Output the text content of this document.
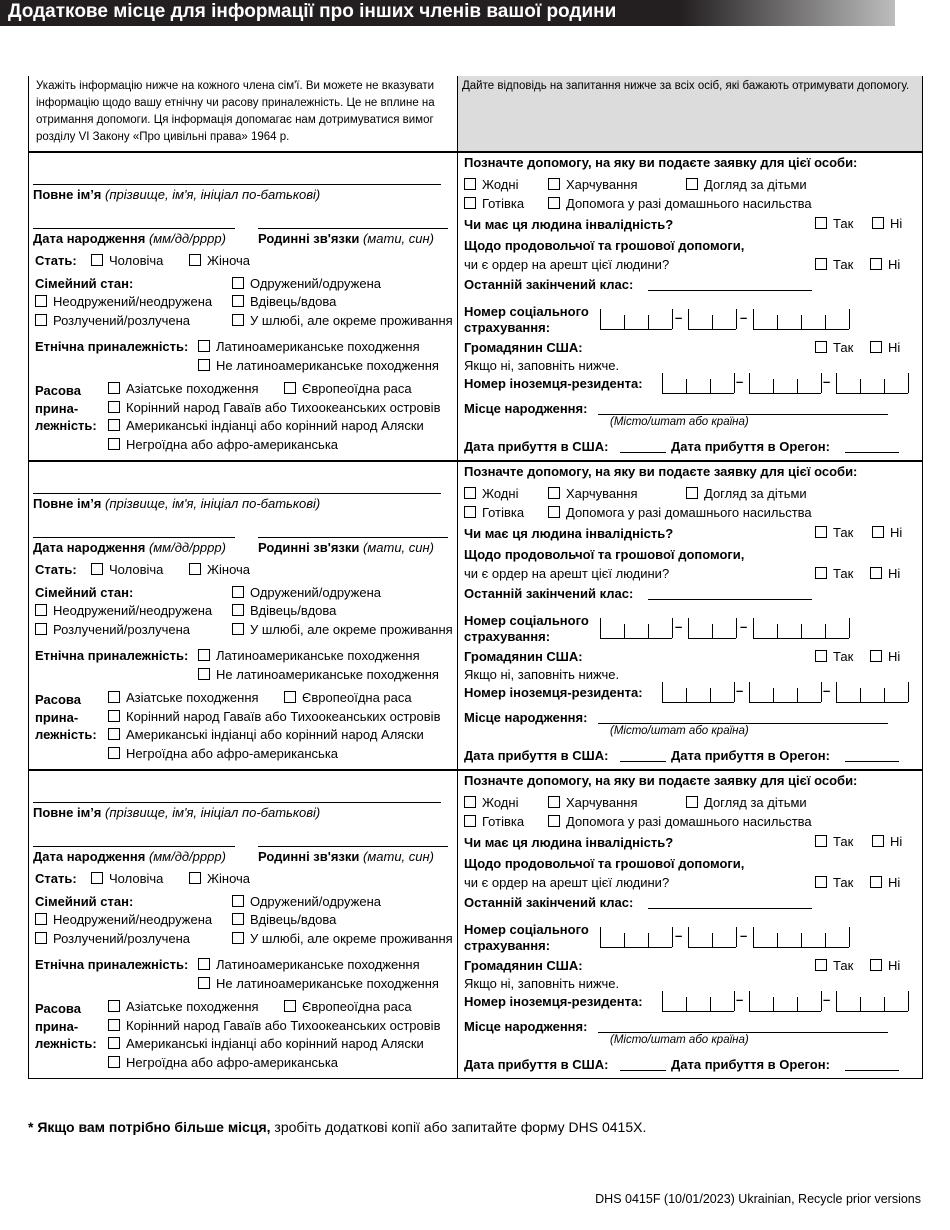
Додаткове місце для інформації про інших членів вашої родини
Укажіть інформацію нижче на кожного члена сім'ї. Ви можете не вказувати
інформацію щодо вашу етнічну чи расову приналежність. Це не вплине на
отримання допомоги. Ця інформація допомагає нам дотримуватися вимог
розділу VI Закону «Про цивільні права» 1964 р.
Дайте відповідь на запитання нижче за всіх осіб, які бажають отримувати допомогу.
Повне ім’я (прізвище, ім'я, ініціал по-батькові)
Дата народження (мм/дд/рррр) Родинні зв'язки (мати, син)
Стать: Чоловіча	Жіноча
Сімейний стан:	Одружений/одружена
Неодружений/неодружена	Вдівець/вдова
Розлучений/розлучена	У шлюбі, але окреме проживання
Етнічна приналежність: Латиноамериканське походження
Не латиноамериканське походження
Расова
прина-
лежність:
Азіатське походження	Європеоїдна раса
Корінний народ Гаваїв або Тихоокеанських островів
Американські індіанці або корінний народ Аляски
Негроїдна або афро-американська
Позначте допомогу, на яку ви подаєте заявку для цієї особи:
Жодні	Харчування	Догляд за дітьми
Готівка	Допомога у разі домашнього насильства
Чи має ця людина інвалідність?	Так	Ні
Щодо продовольчої та грошової допомоги,
чи є ордер на арешт цієї людини?	Так	Ні
Останній закінчений клас:
Номер соціального
страхування:
–	–
Громадянин США:	Так	Ні
Якщо ні, заповніть нижче.
Номер іноземця-резидента:	–	–
Місце народження:
(Місто/штат або країна)
Дата прибуття в США:	Дата прибуття в Орегон:
Повне ім’я (прізвище, ім'я, ініціал по-батькові)
Дата народження (мм/дд/рррр) Родинні зв'язки (мати, син)
Стать: Чоловіча	Жіноча
Сімейний стан:	Одружений/одружена
Неодружений/неодружена	Вдівець/вдова
Розлучений/розлучена	У шлюбі, але окреме проживання
Етнічна приналежність: Латиноамериканське походження
Не латиноамериканське походження
Расова
прина-
лежність:
Азіатське походження	Європеоїдна раса
Корінний народ Гаваїв або Тихоокеанських островів
Американські індіанці або корінний народ Аляски
Негроїдна або афро-американська
Позначте допомогу, на яку ви подаєте заявку для цієї особи:
Жодні	Харчування	Догляд за дітьми
Готівка	Допомога у разі домашнього насильства
Чи має ця людина інвалідність?	Так	Ні
Щодо продовольчої та грошової допомоги,
чи є ордер на арешт цієї людини?	Так	Ні
Останній закінчений клас:
Номер соціального
страхування:
–	–
Громадянин США:	Так	Ні
Якщо ні, заповніть нижче.
Номер іноземця-резидента:	–	–
Місце народження:
(Місто/штат або країна)
Дата прибуття в США:	Дата прибуття в Орегон:
Повне ім’я (прізвище, ім'я, ініціал по-батькові)
Дата народження (мм/дд/рррр) Родинні зв'язки (мати, син)
Стать: Чоловіча	Жіноча
Сімейний стан:	Одружений/одружена
Неодружений/неодружена	Вдівець/вдова
Розлучений/розлучена	У шлюбі, але окреме проживання
Етнічна приналежність: Латиноамериканське походження
Не латиноамериканське походження
Расова
прина-
лежність:
Азіатське походження	Європеоїдна раса
Корінний народ Гаваїв або Тихоокеанських островів
Американські індіанці або корінний народ Аляски
Негроїдна або афро-американська
Позначте допомогу, на яку ви подаєте заявку для цієї особи:
Жодні	Харчування	Догляд за дітьми
Готівка	Допомога у разі домашнього насильства
Чи має ця людина інвалідність?	Так	Ні
Щодо продовольчої та грошової допомоги,
чи є ордер на арешт цієї людини?	Так	Ні
Останній закінчений клас:
Номер соціального
страхування:
–	–
Громадянин США:	Так	Ні
Якщо ні, заповніть нижче.
Номер іноземця-резидента:	–	–
Місце народження:
(Місто/штат або країна)
Дата прибуття в США:	Дата прибуття в Орегон:
* Якщо вам потрібно більше місця, зробіть додаткові копії або запитайте форму DHS 0415X.
DHS 0415F (10/01/2023) Ukrainian, Recycle prior versions
